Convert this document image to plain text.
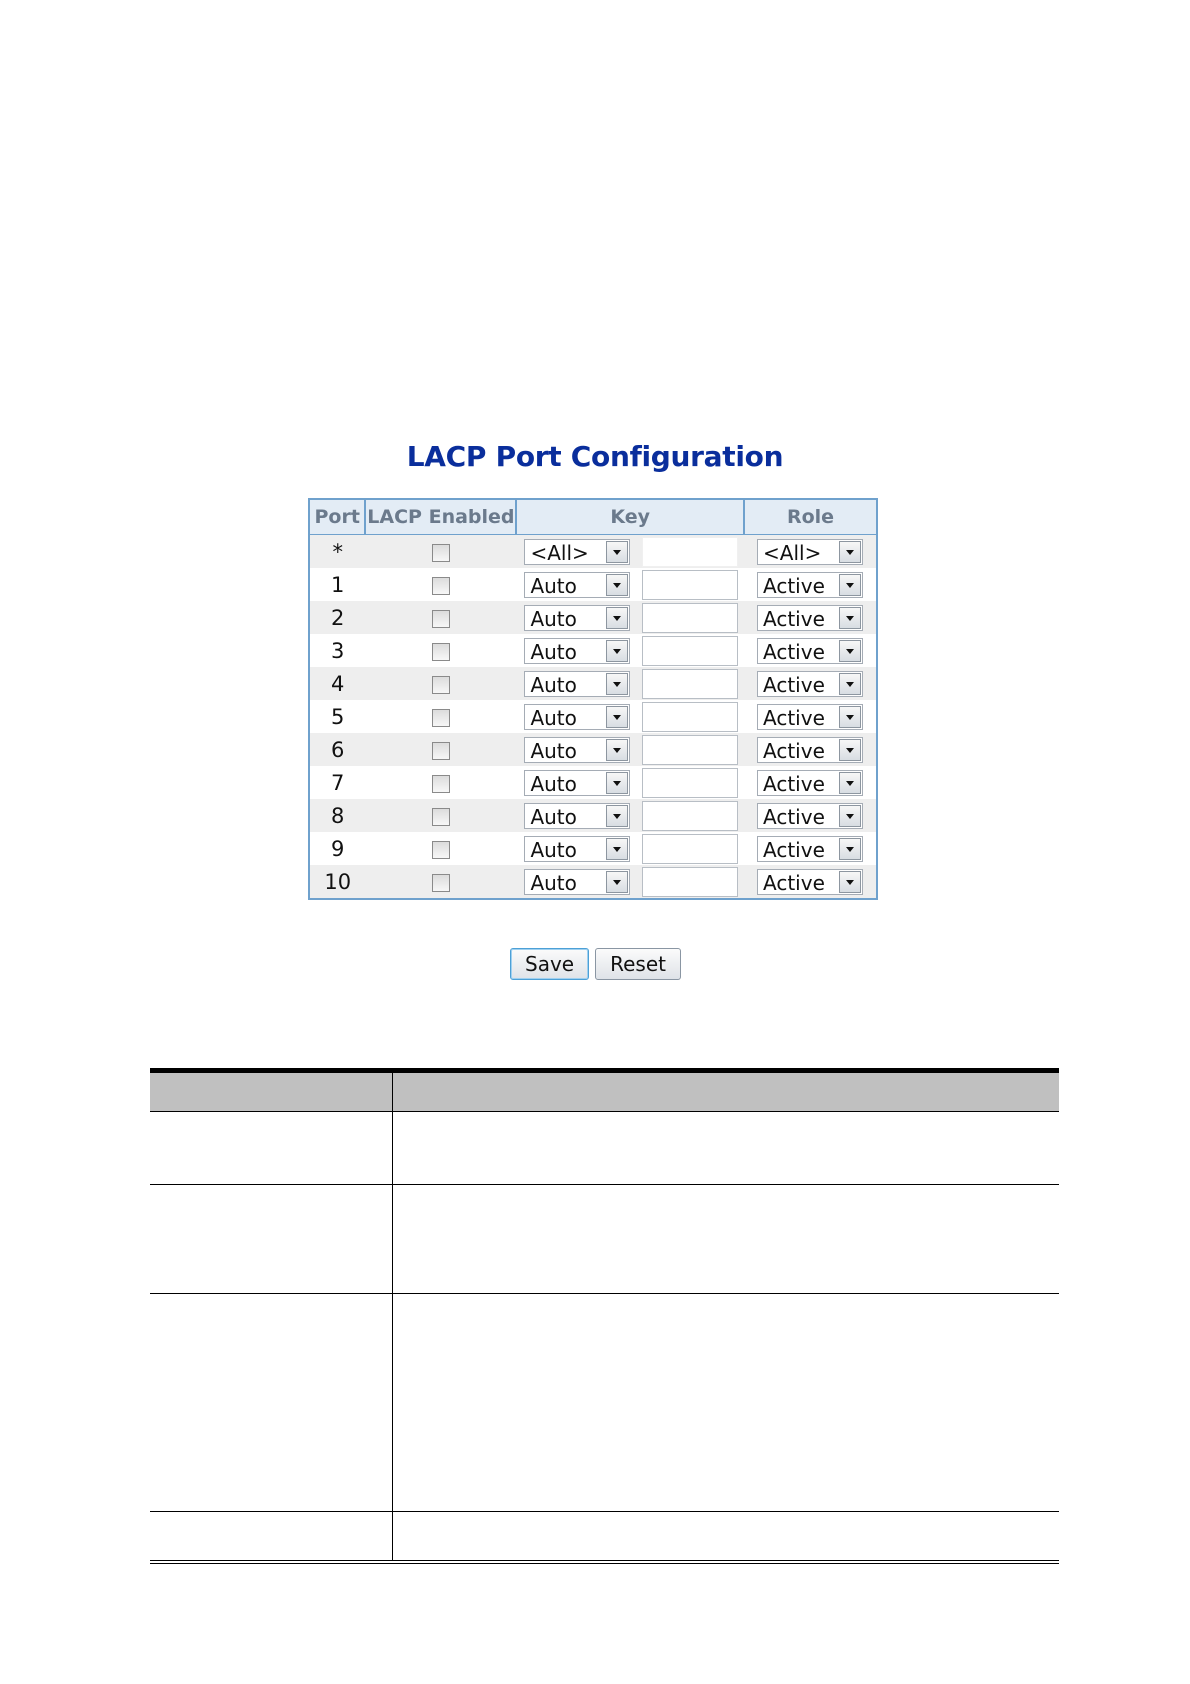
LACP Port Configuration
Port	LACP Enabled	Key	Role
*		<All>	<All>

1		Auto	Active

2		Auto	Active

3		Auto	Active

4		Auto	Active

5		Auto	Active

6		Auto	Active

7		Auto	Active

8		Auto	Active

9		Auto	Active

10		Auto	Active
Save Reset
